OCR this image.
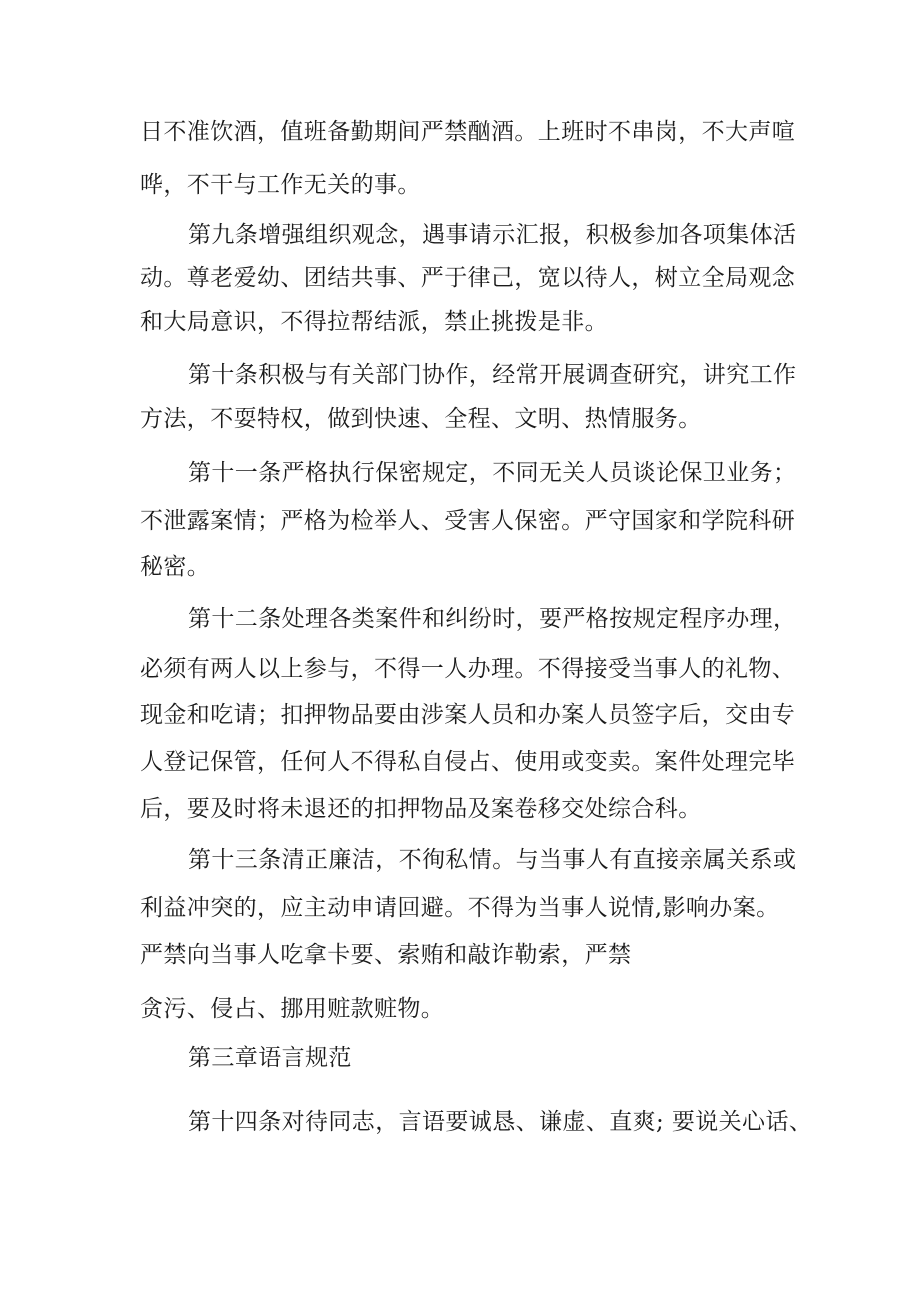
日不准饮酒，值班备勤期间严禁酗酒。上班时不串岗，不大声喧
哗，不干与工作无关的事。
第九条增强组织观念，遇事请示汇报，积极参加各项集体活
动。尊老爱幼、团结共事、严于律己，宽以待人，树立全局观念
和大局意识，不得拉帮结派，禁止挑拨是非。
第十条积极与有关部门协作，经常开展调查研究，讲究工作
方法，不耍特权，做到快速、全程、文明、热情服务。
第十一条严格执行保密规定，不同无关人员谈论保卫业务；
不泄露案情；严格为检举人、受害人保密。严守国家和学院科研
秘密。
第十二条处理各类案件和纠纷时，要严格按规定程序办理，
必须有两人以上参与，不得一人办理。不得接受当事人的礼物、
现金和吃请；扣押物品要由涉案人员和办案人员签字后，交由专
人登记保管，任何人不得私自侵占、使用或变卖。案件处理完毕
后，要及时将未退还的扣押物品及案卷移交处综合科。
第十三条清正廉洁，不徇私情。与当事人有直接亲属关系或
利益冲突的，应主动申请回避。不得为当事人说情,影响办案。
严禁向当事人吃拿卡要、索贿和敲诈勒索，严禁
贪污、侵占、挪用赃款赃物。
第三章语言规范
第十四条对待同志，言语要诚恳、谦虚、直爽; 要说关心话、
